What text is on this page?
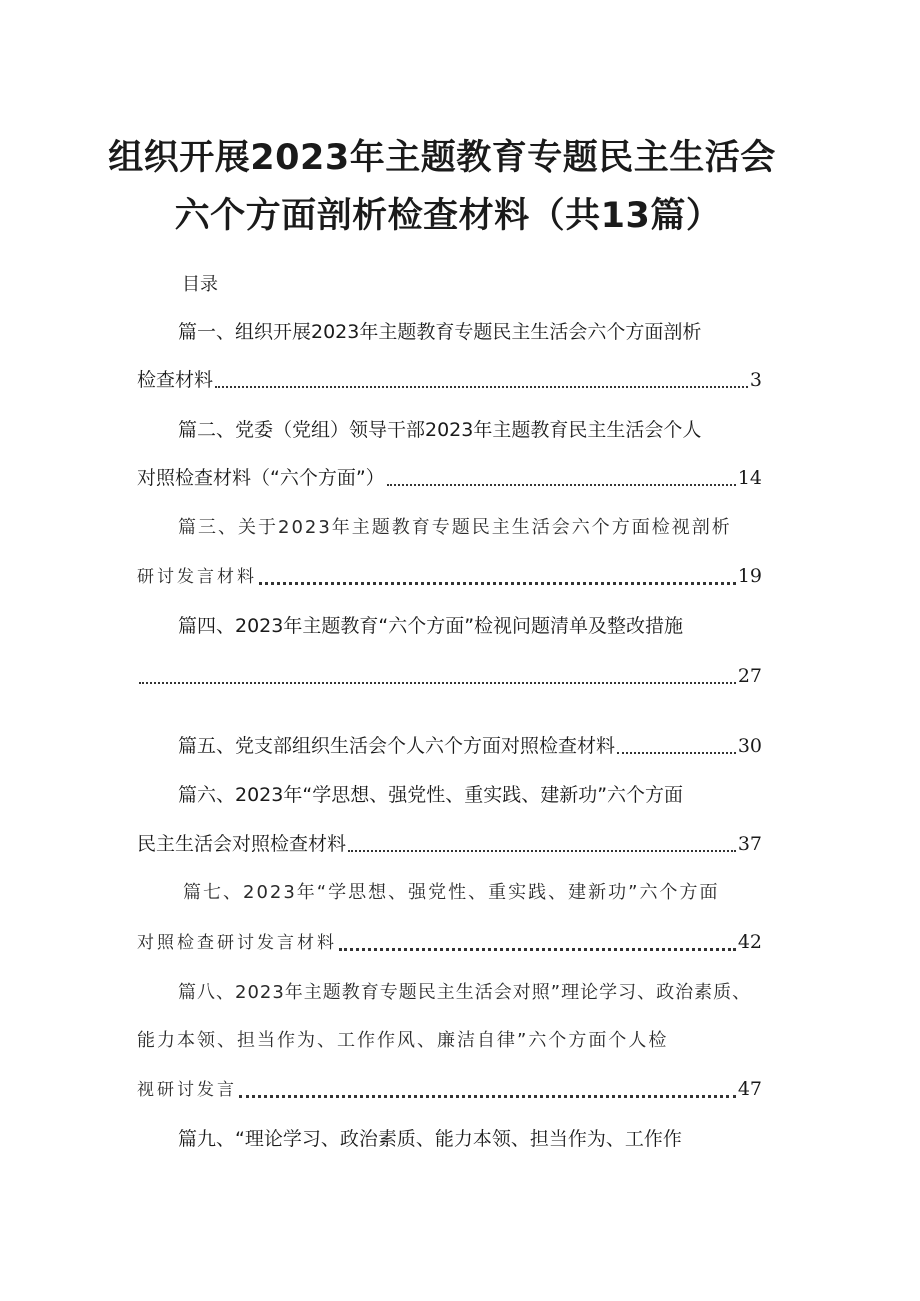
组织开展2023年主题教育专题民主生活会
六个方面剖析检查材料（共13篇）
目录
篇一、组织开展2023年主题教育专题民主生活会六个方面剖析
检查材料	3
篇二、党委（党组）领导干部2023年主题教育民主生活会个人
对照检查材料（“六个方面”）	14
篇三、关于2023年主题教育专题民主生活会六个方面检视剖析
研讨发言材料	19
篇四、2023年主题教育“六个方面”检视问题清单及整改措施
27
篇五、党支部组织生活会个人六个方面对照检查材料	30
篇六、2023年“学思想、强党性、重实践、建新功”六个方面
民主生活会对照检查材料	37
篇七、2023年“学思想、强党性、重实践、建新功”六个方面
对照检查研讨发言材料	42
篇八、2023年主题教育专题民主生活会对照”理论学习、政治素质、
能力本领、担当作为、工作作风、廉洁自律”六个方面个人检
视研讨发言	47
篇九、“理论学习、政治素质、能力本领、担当作为、工作作
